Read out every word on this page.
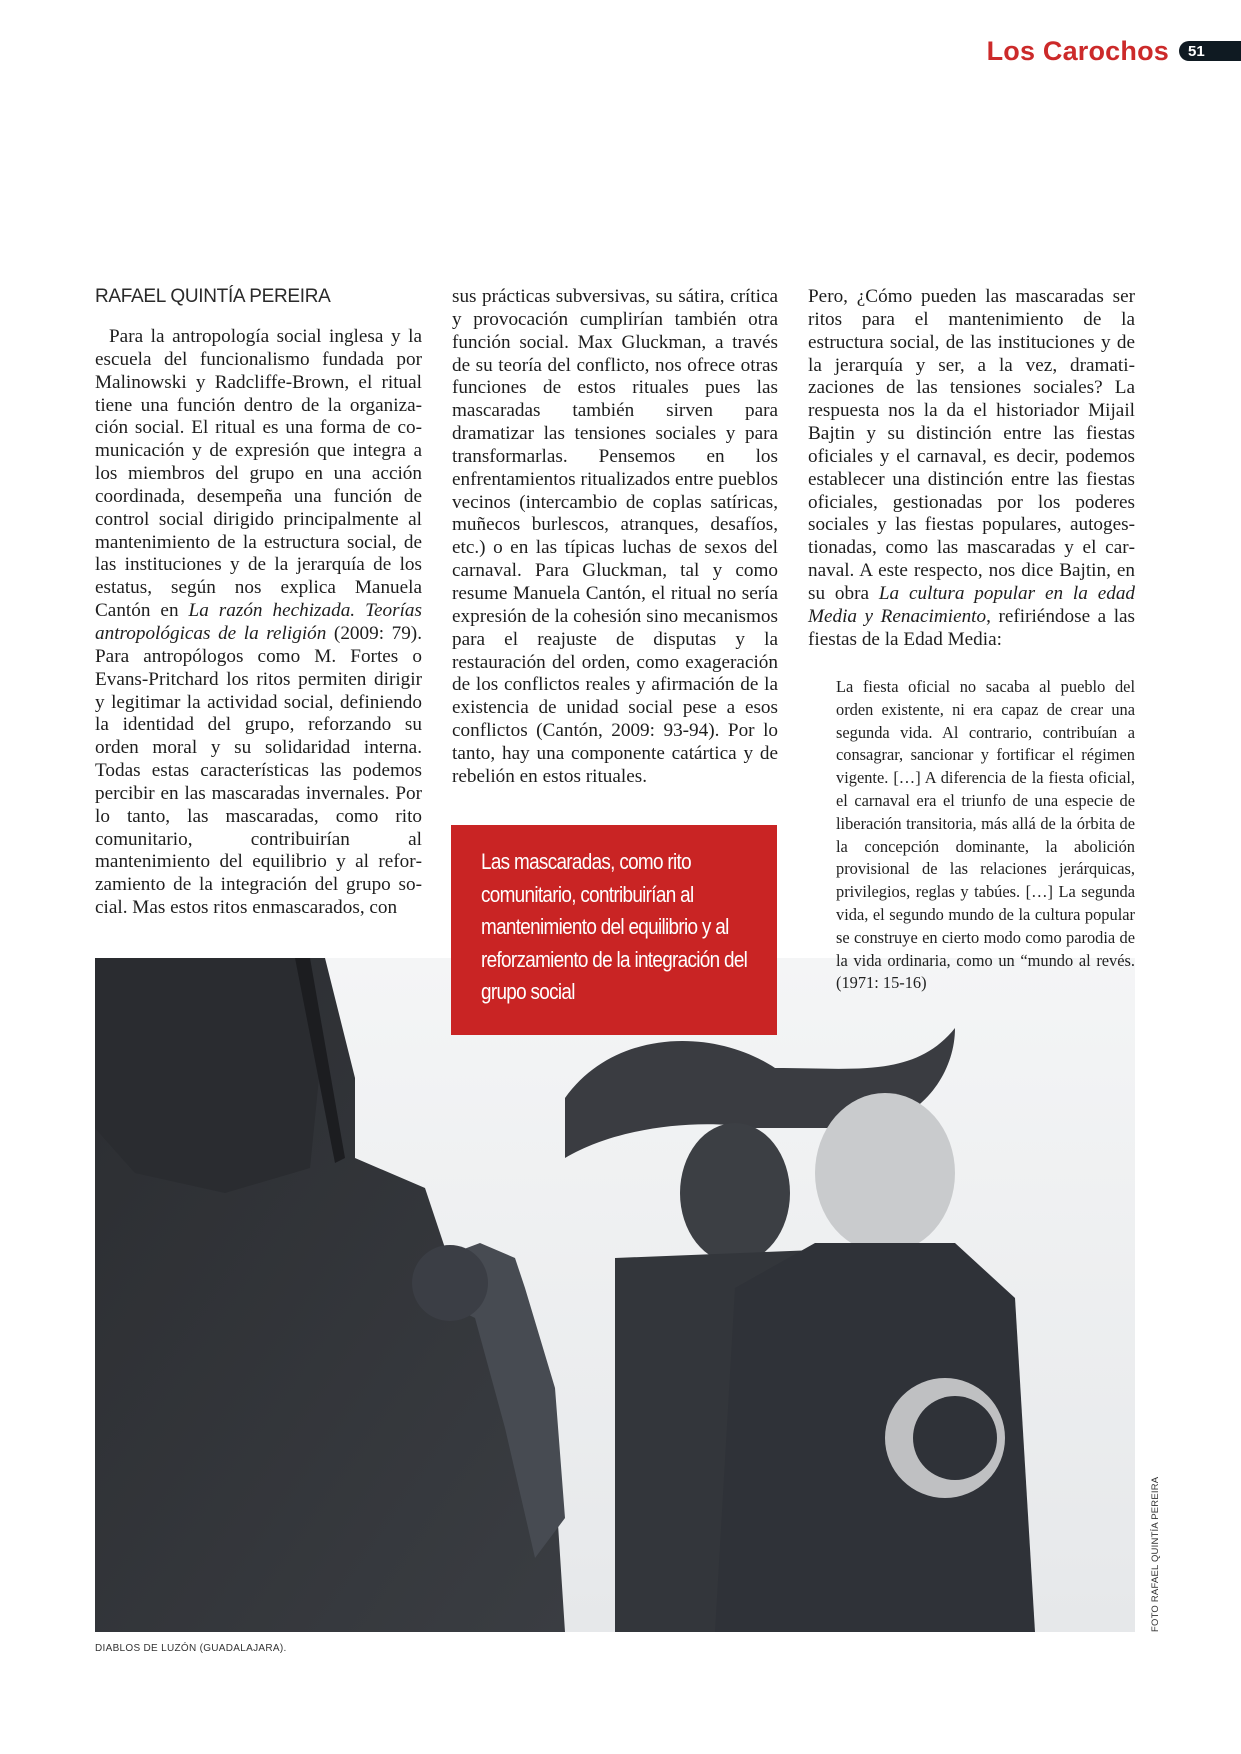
Los Carochos	51

RAFAEL QUINTÍA PEREIRA

Para la antropología social inglesa y la escuela del funcionalismo fundada por Malinowski y Radcliffe-Brown, el ritual tiene una función dentro de la organización social. El ritual es una forma de comunicación y de expresión que integra a los miembros del grupo en una acción coordinada, desempeña una función de control social dirigido principalmente al mantenimiento de la estructura social, de las instituciones y de la jerarquía de los estatus, según nos explica Manuela Cantón en La razón hechizada. Teorías antropológicas de la religión (2009: 79). Para antropólogos como M. Fortes o Evans-Pritchard los ritos permiten dirigir y legitimar la actividad social, definiendo la identidad del grupo, reforzando su orden moral y su solidaridad interna. Todas estas características las podemos percibir en las mascaradas invernales. Por lo tanto, las mascaradas, como rito comunitario, contribuirían al mantenimiento del equilibrio y al reforzamiento de la integración del grupo social. Mas estos ritos enmascarados, con

sus prácticas subversivas, su sátira, crítica y provocación cumplirían también otra función social. Max Gluckman, a través de su teoría del conflicto, nos ofrece otras funciones de estos rituales pues las mascaradas también sirven para dramatizar las tensiones sociales y para transformarlas. Pensemos en los enfrentamientos ritualizados entre pueblos vecinos (intercambio de coplas satíricas, muñecos burlescos, atranques, desafíos, etc.) o en las típicas luchas de sexos del carnaval. Para Gluckman, tal y como resume Manuela Cantón, el ritual no sería expresión de la cohesión sino mecanismos para el reajuste de disputas y la restauración del orden, como exageración de los conflictos reales y afirmación de la existencia de unidad social pese a esos conflictos (Cantón, 2009: 93-94). Por lo tanto, hay una componente catártica y de rebelión en estos rituales.

Las mascaradas, como rito comunitario, contribuirían al mantenimiento del equilibrio y al reforzamiento de la integración del grupo social

Pero, ¿Cómo pueden las mascaradas ser ritos para el mantenimiento de la estructura social, de las instituciones y de la jerarquía y ser, a la vez, dramatizaciones de las tensiones sociales? La respuesta nos la da el historiador Mijail Bajtin y su distinción entre las fiestas oficiales y el carnaval, es decir, podemos establecer una distinción entre las fiestas oficiales, gestionadas por los poderes sociales y las fiestas populares, autogestionadas, como las mascaradas y el carnaval. A este respecto, nos dice Bajtin, en su obra La cultura popular en la edad Media y Renacimiento, refiriéndose a las fiestas de la Edad Media:

La fiesta oficial no sacaba al pueblo del orden existente, ni era capaz de crear una segunda vida. Al contrario, contribuían a consagrar, sancionar y fortificar el régimen vigente. […] A diferencia de la fiesta oficial, el carnaval era el triunfo de una especie de liberación transitoria, más allá de la órbita de la concepción dominante, la abolición provisional de las relaciones jerárquicas, privilegios, reglas y tabúes. […] La segunda vida, el segundo mundo de la cultura popular se construye en cierto modo como parodia de la vida ordinaria, como un “mundo al revés. (1971: 15-16)

DIABLOS DE LUZÓN (GUADALAJARA).
FOTO RAFAEL QUINTÍA PEREIRA
